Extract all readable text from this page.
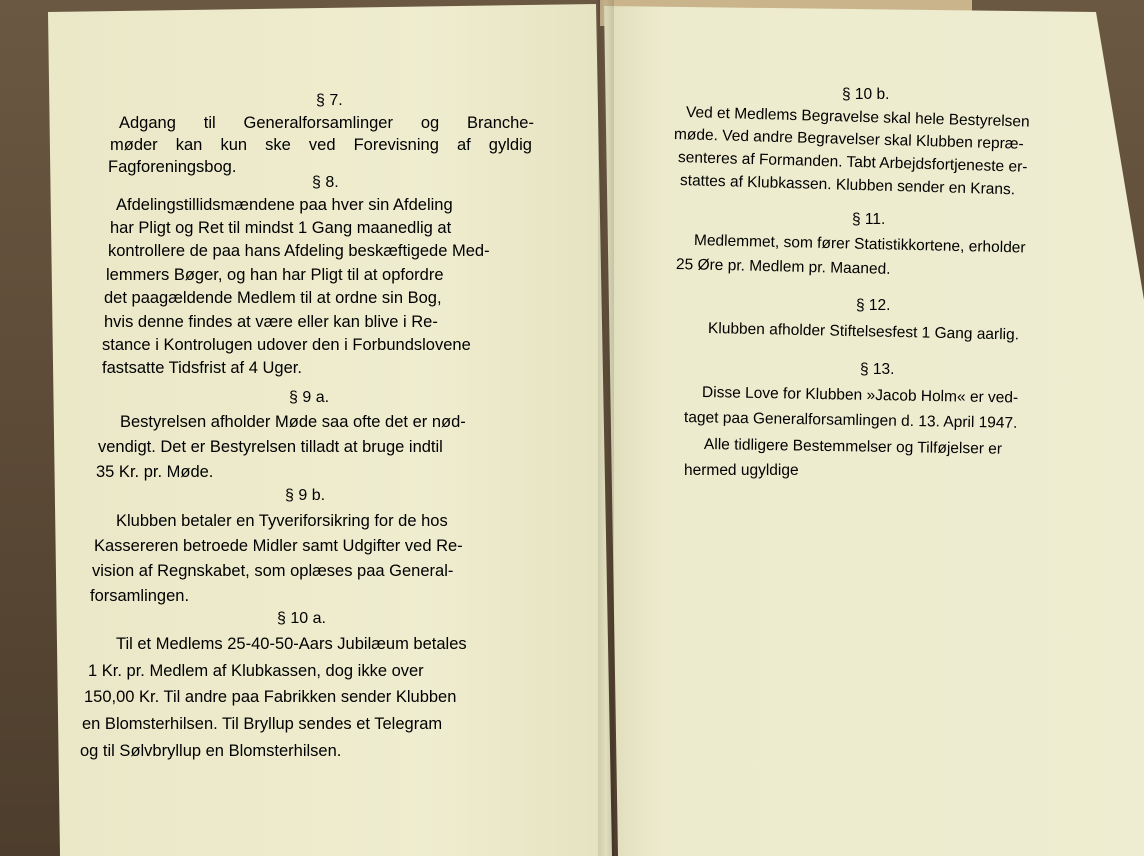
§ 7.
Adgang til Generalforsamlinger og Branche-
møder kan kun ske ved Forevisning af gyldig
Fagforeningsbog.
§ 8.
Afdelingstillidsmændene paa hver sin Afdeling
har Pligt og Ret til mindst 1 Gang maanedlig at
kontrollere de paa hans Afdeling beskæftigede Med-
lemmers Bøger, og han har Pligt til at opfordre
det paagældende Medlem til at ordne sin Bog,
hvis denne findes at være eller kan blive i Re-
stance i Kontrolugen udover den i Forbundslovene
fastsatte Tidsfrist af 4 Uger.
§ 9 a.
Bestyrelsen afholder Møde saa ofte det er nød-
vendigt. Det er Bestyrelsen tilladt at bruge indtil
35 Kr. pr. Møde.
§ 9 b.
Klubben betaler en Tyveriforsikring for de hos
Kassereren betroede Midler samt Udgifter ved Re-
vision af Regnskabet, som oplæses paa General-
forsamlingen.
§ 10 a.
Til et Medlems 25-40-50-Aars Jubilæum betales
1 Kr. pr. Medlem af Klubkassen, dog ikke over
150,00 Kr. Til andre paa Fabrikken sender Klubben
en Blomsterhilsen. Til Bryllup sendes et Telegram
og til Sølvbryllup en Blomsterhilsen.
§ 10 b.
Ved et Medlems Begravelse skal hele Bestyrelsen
møde. Ved andre Begravelser skal Klubben repræ-
senteres af Formanden. Tabt Arbejdsfortjeneste er-
stattes af Klubkassen. Klubben sender en Krans.
§ 11.
Medlemmet, som fører Statistikkortene, erholder
25 Øre pr. Medlem pr. Maaned.
§ 12.
Klubben afholder Stiftelsesfest 1 Gang aarlig.
§ 13.
Disse Love for Klubben »Jacob Holm« er ved-
taget paa Generalforsamlingen d. 13. April 1947.
Alle tidligere Bestemmelser og Tilføjelser er
hermed ugyldige
